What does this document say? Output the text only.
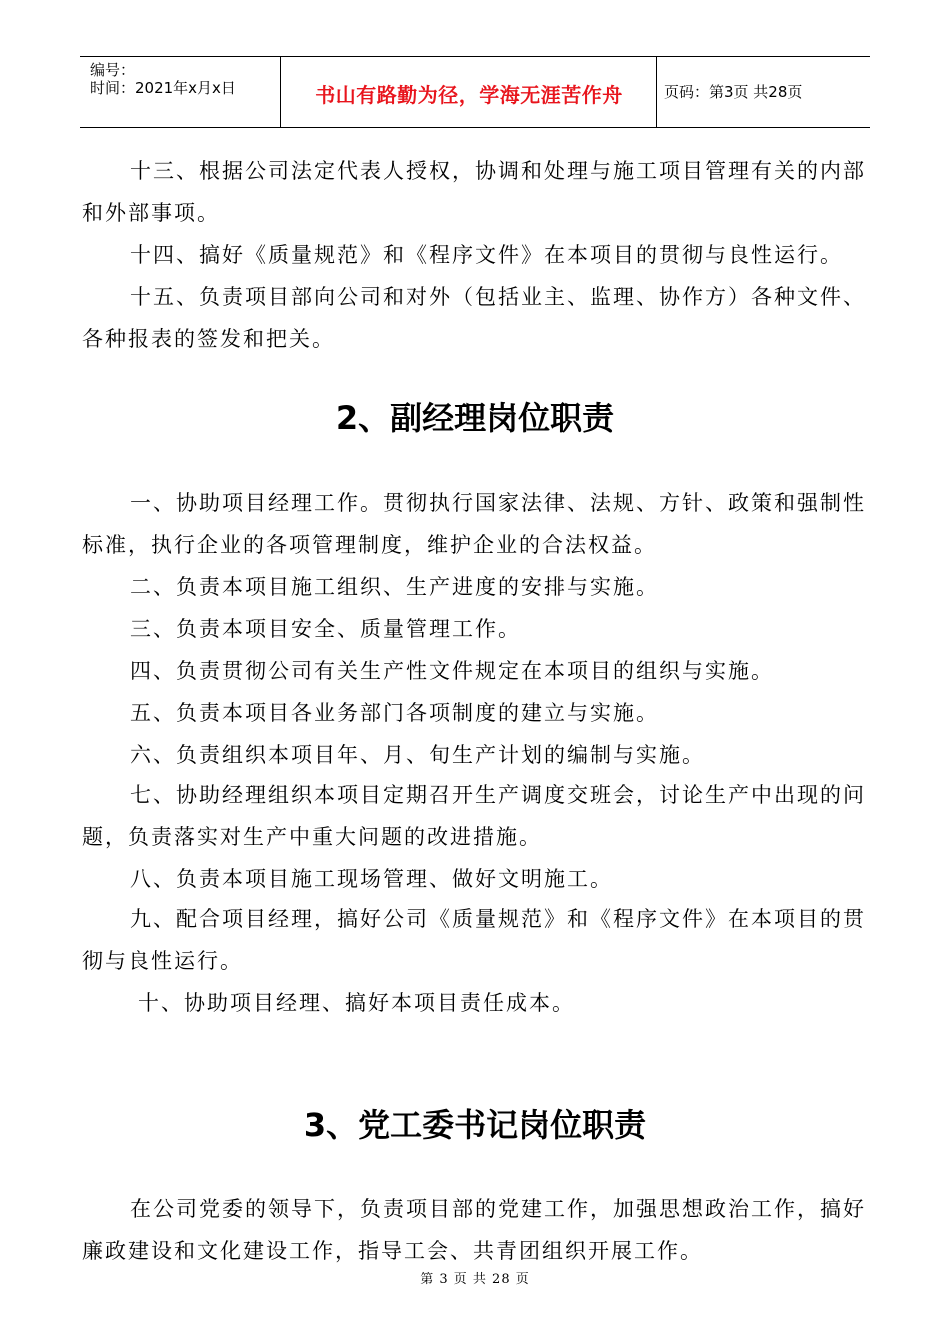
编号：
时间：2021年x月x日	书山有路勤为径，学海无涯苦作舟	页码：第3页 共28页
十三、根据公司法定代表人授权，协调和处理与施工项目管理有关的内部和外部事项。
十四、搞好《质量规范》和《程序文件》在本项目的贯彻与良性运行。
十五、负责项目部向公司和对外（包括业主、监理、协作方）各种文件、各种报表的签发和把关。
2、副经理岗位职责
一、协助项目经理工作。贯彻执行国家法律、法规、方针、政策和强制性标准，执行企业的各项管理制度，维护企业的合法权益。
二、负责本项目施工组织、生产进度的安排与实施。
三、负责本项目安全、质量管理工作。
四、负责贯彻公司有关生产性文件规定在本项目的组织与实施。
五、负责本项目各业务部门各项制度的建立与实施。
六、负责组织本项目年、月、旬生产计划的编制与实施。
七、协助经理组织本项目定期召开生产调度交班会，讨论生产中出现的问题，负责落实对生产中重大问题的改进措施。
八、负责本项目施工现场管理、做好文明施工。
九、配合项目经理，搞好公司《质量规范》和《程序文件》在本项目的贯彻与良性运行。
十、协助项目经理、搞好本项目责任成本。
3、党工委书记岗位职责
在公司党委的领导下，负责项目部的党建工作，加强思想政治工作，搞好廉政建设和文化建设工作，指导工会、共青团组织开展工作。
第 3 页 共 28 页
